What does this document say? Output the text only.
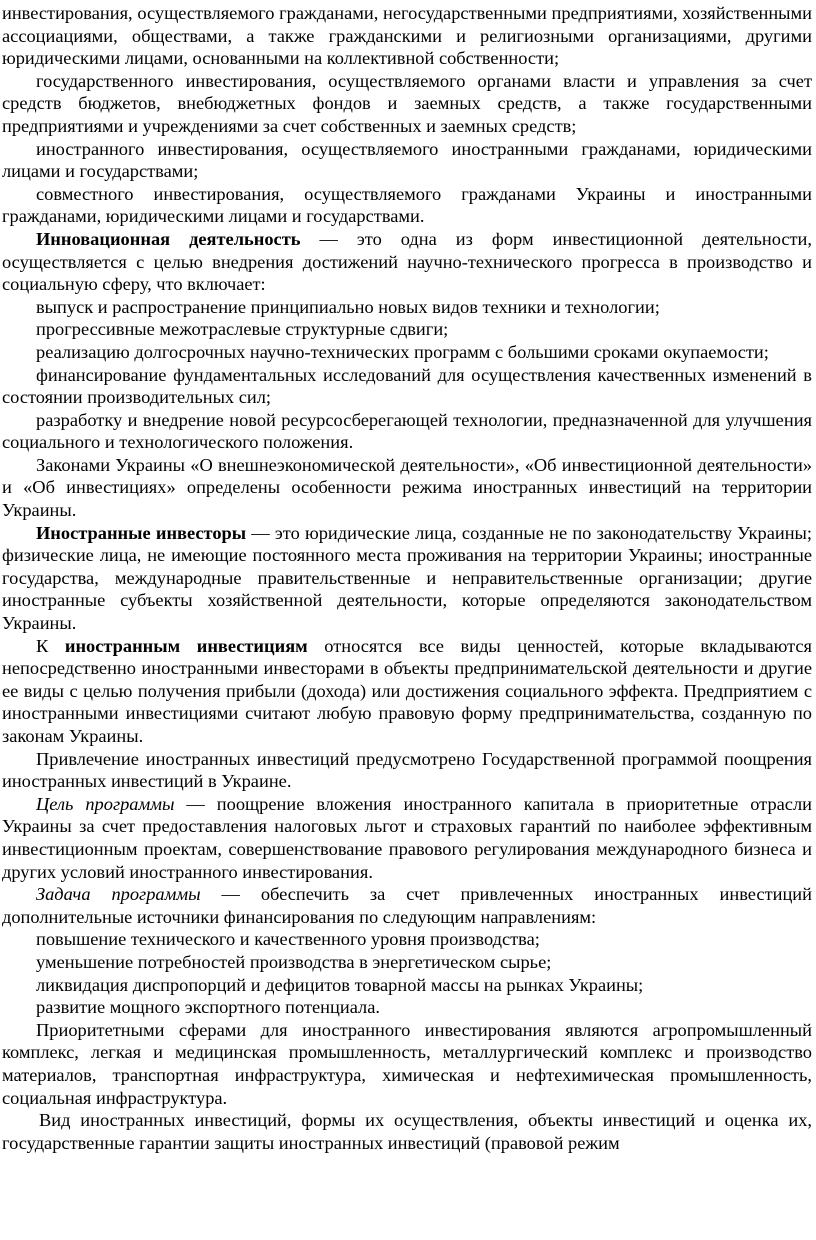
инвестирования, осуществляемого гражданами, негосударственными предприятиями, хозяйственными ассоциациями, обществами, а также гражданскими и религиозными организациями, другими юридическими лицами, основанными на коллективной собственности;

государственного инвестирования, осуществляемого органами власти и управления за счет средств бюджетов, внебюджетных фондов и заемных средств, а также государственными предприятиями и учреждениями за счет собственных и заемных средств;

иностранного инвестирования, осуществляемого иностранными гражданами, юридическими лицами и государствами;

совместного инвестирования, осуществляемого гражданами Украины и иностранными гражданами, юридическими лицами и государствами.

Инновационная деятельность — это одна из форм инвестиционной деятельности, осуществляется с целью внедрения достижений научно-технического прогресса в производство и социальную сферу, что включает:

выпуск и распространение принципиально новых видов техники и технологии;

прогрессивные межотраслевые структурные сдвиги;

реализацию долгосрочных научно-технических программ с большими сроками окупаемости;

финансирование фундаментальных исследований для осуществления качественных изменений в состоянии производительных сил;

разработку и внедрение новой ресурсосберегающей технологии, предназначенной для улучшения социального и технологического положения.

Законами Украины «О внешнеэкономической деятельности», «Об инвестиционной деятельности» и «Об инвестициях» определены особенности режима иностранных инвестиций на территории Украины.

Иностранные инвесторы — это юридические лица, созданные не по законодательству Украины; физические лица, не имеющие постоянного места проживания на территории Украины; иностранные государства, международные правительственные и неправительственные организации; другие иностранные субъекты хозяйственной деятельности, которые определяются законодательством Украины.

К иностранным инвестициям относятся все виды ценностей, которые вкладываются непосредственно иностранными инвесторами в объекты предпринимательской деятельности и другие ее виды с целью получения прибыли (дохода) или достижения социального эффекта. Предприятием с иностранными инвестициями считают любую правовую форму предпринимательства, созданную по законам Украины.

Привлечение иностранных инвестиций предусмотрено Государственной программой поощрения иностранных инвестиций в Украине.

Цель программы — поощрение вложения иностранного капитала в приоритетные отрасли Украины за счет предоставления налоговых льгот и страховых гарантий по наиболее эффективным инвестиционным проектам, совершенствование правового регулирования международного бизнеса и других условий иностранного инвестирования.

Задача программы — обеспечить за счет привлеченных иностранных инвестиций дополнительные источники финансирования по следующим направлениям:

повышение технического и качественного уровня производства;

уменьшение потребностей производства в энергетическом сырье;

ликвидация диспропорций и дефицитов товарной массы на рынках Украины;

развитие мощного экспортного потенциала.

Приоритетными сферами для иностранного инвестирования являются агропромышленный комплекс, легкая и медицинская промышленность, металлургический комплекс и производство материалов, транспортная инфраструктура, химическая и нефтехимическая промышленность, социальная инфраструктура.

Вид иностранных инвестиций, формы их осуществления, объекты инвестиций и оценка их, государственные гарантии защиты иностранных инвестиций (правовой режим
